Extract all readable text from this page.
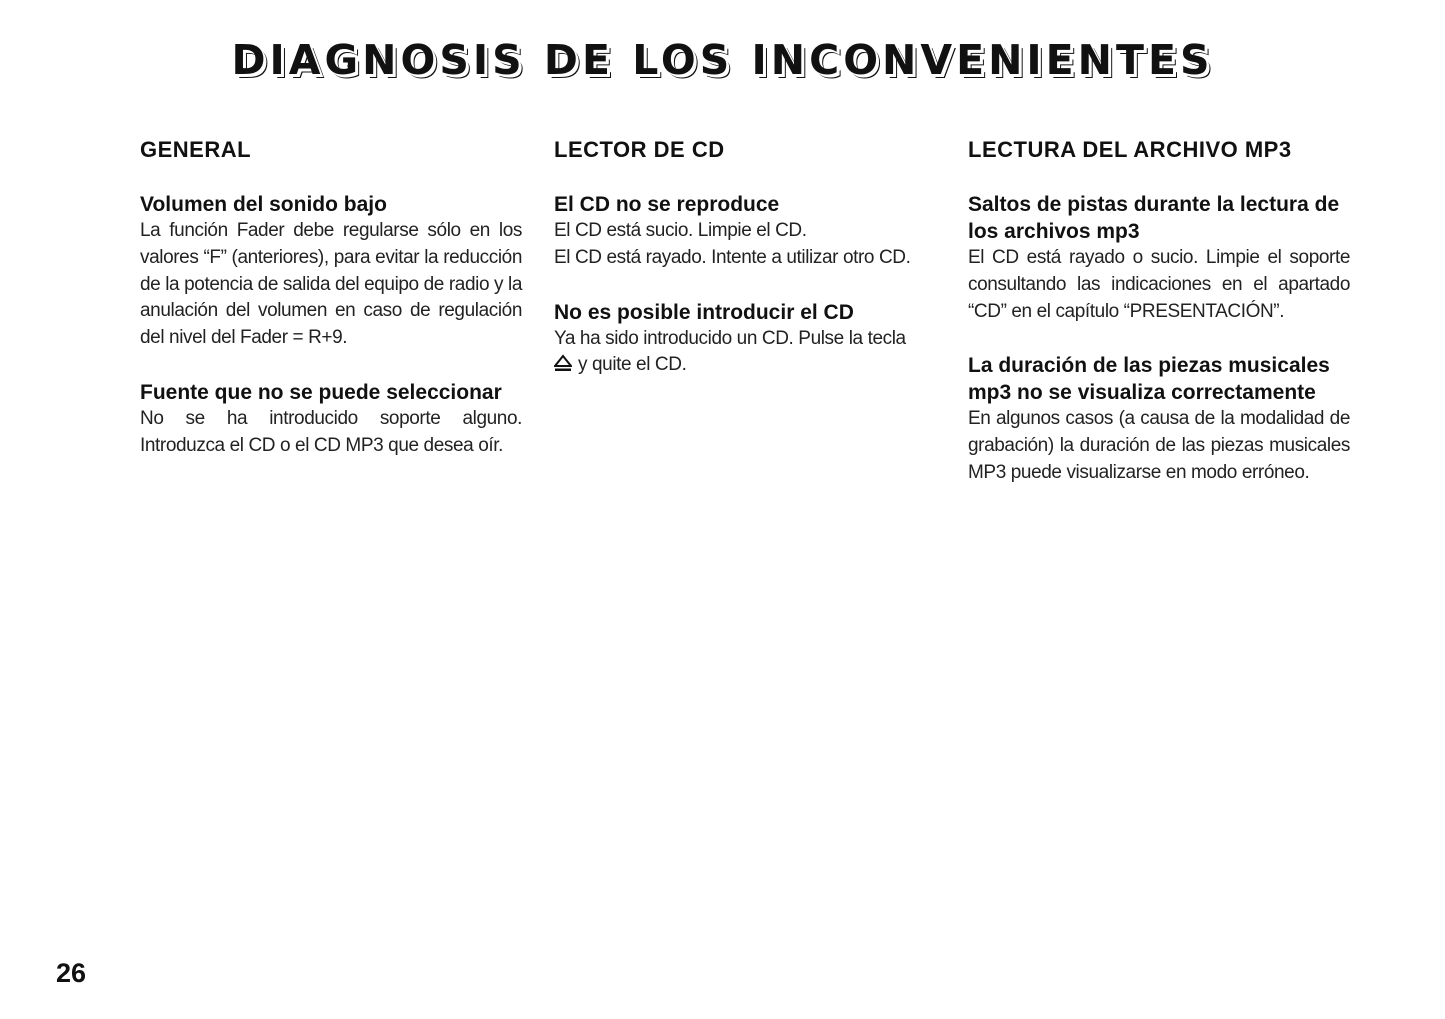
DIAGNOSIS DE LOS INCONVENIENTES
GENERAL

Volumen del sonido bajo

La función Fader debe regularse sólo en los valores “F” (anteriores), para evitar la reducción de la potencia de salida del equipo de radio y la anulación del volumen en caso de regulación del nivel del Fader = R+9.

Fuente que no se puede seleccionar

No se ha introducido soporte alguno. Introduzca el CD o el CD MP3 que desea oír.

LECTOR DE CD

El CD no se reproduce

El CD está sucio. Limpie el CD.

El CD está rayado. Intente a utilizar otro CD.

No es posible introducir el CD

Ya ha sido introducido un CD. Pulse la tecla
y quite el CD.

LECTURA DEL ARCHIVO MP3

Saltos de pistas durante la lectura de los archivos mp3

El CD está rayado o sucio. Limpie el soporte consultando las indicaciones en el apartado “CD” en el capítulo “PRESENTACIÓN”.

La duración de las piezas musicales mp3 no se visualiza correctamente

En algunos casos (a causa de la modalidad de grabación) la duración de las piezas musicales MP3 puede visualizarse en modo erróneo.

26
